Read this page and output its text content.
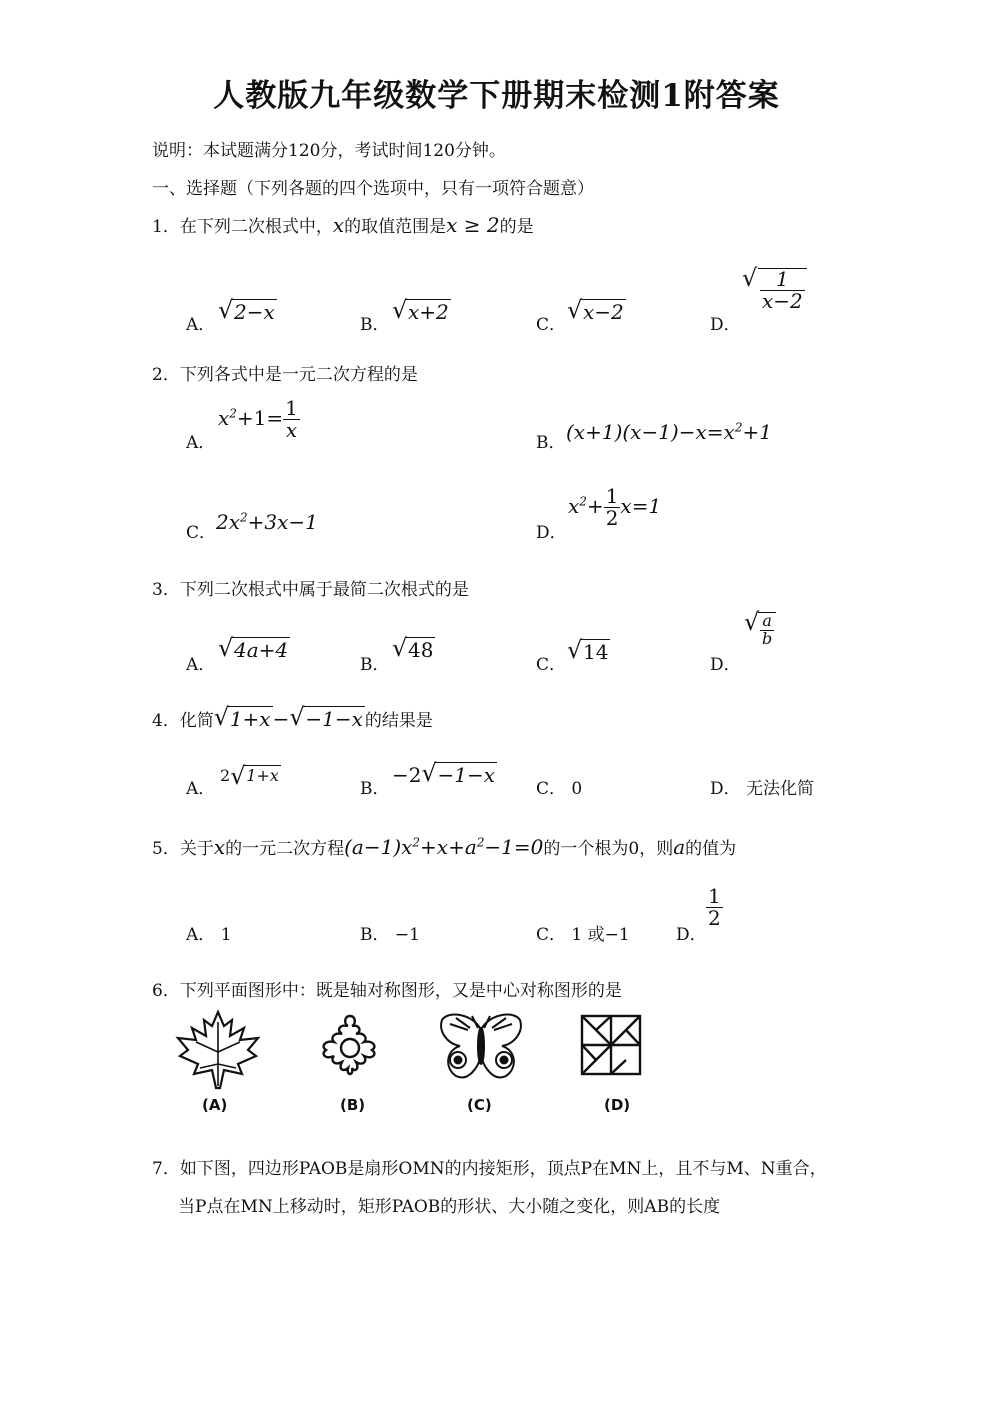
人教版九年级数学下册期末检测1附答案
说明：本试题满分120分，考试时间120分钟。
一、选择题（下列各题的四个选项中，只有一项符合题意）
1．在下列二次根式中，x的取值范围是x ≥ 2的是
A．
√ 2−x
B．
√ x+2
C．
√ x−2
D．
√ $\frac{1}{x-2}$
2．下列各式中是一元二次方程的是
A．
$x^2+1= \frac{1}{x}$
B． $(x+1)(x-1)-x=x^2+1$
C． $2x^2+3x-1$	D．
$x^2+ \frac{1}{2} x=1$
3．下列二次根式中属于最简二次根式的是
A．
√ 4a+4
B．
√ 48
C．
√ 14
D．
√ $\frac{a}{b}$
4．化简 √ 1+x − √ −1−x 的结果是
A．
2 √ 1+x
B．
−2 √ −1−x
C． 0	D． 无法化简
5．关于x的一元二次方程$(a-1)x^2+x+a^2-1=0$的一个根为0，则a的值为
A． 1	B． −1	C． 1 或−1	D．
$\frac{1}{2}$
6．下列平面图形中：既是轴对称图形，又是中心对称图形的是
(A)	(B)	(C)	(D)
7．如下图，四边形PAOB是扇形OMN的内接矩形，顶点P在MN上，且不与M、N重合，
当P点在MN上移动时，矩形PAOB的形状、大小随之变化，则AB的长度
